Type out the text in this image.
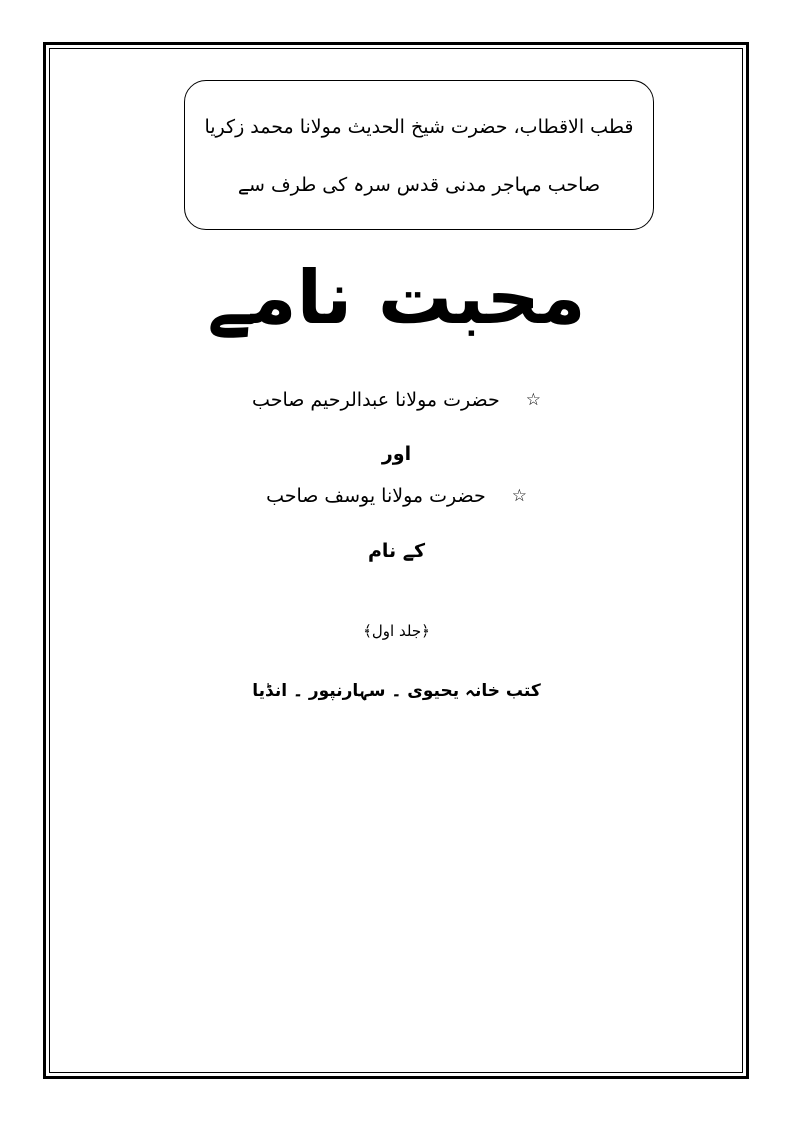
قطب الاقطاب، حضرت شیخ الحدیث مولانا محمد زکریا
صاحب مہاجر مدنی قدس سرہ کی طرف سے
محبت نامے
☆
حضرت مولانا عبدالرحیم صاحب
اور
☆
حضرت مولانا یوسف صاحب
کے نام
﴿جلد اول﴾
کتب خانہ یحیوی ۔ سہارنپور ۔ انڈیا
